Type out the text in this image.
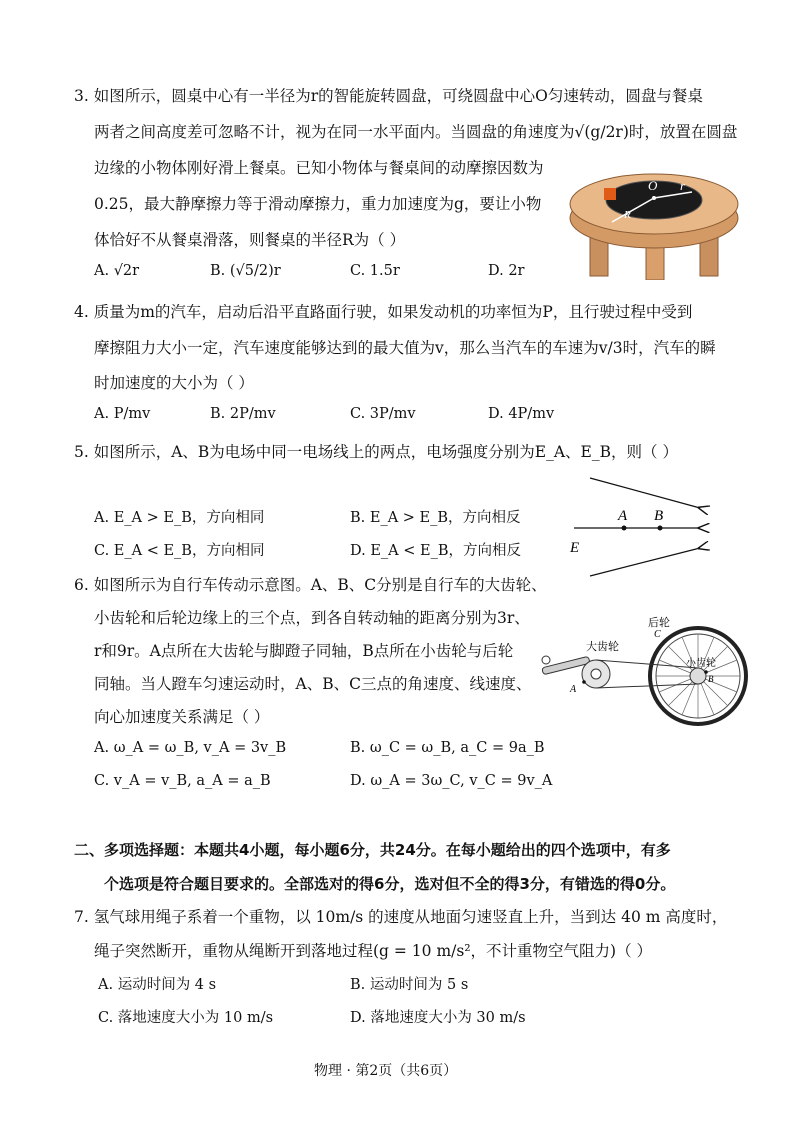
3. 如图所示，圆桌中心有一半径为r的智能旋转圆盘，可绕圆盘中心O匀速转动，圆盘与餐桌
两者之间高度差可忽略不计，视为在同一水平面内。当圆盘的角速度为√(g/2r)时，放置在圆盘
边缘的小物体刚好滑上餐桌。已知小物体与餐桌间的动摩擦因数为
0.25，最大静摩擦力等于滑动摩擦力，重力加速度为g，要让小物
体恰好不从餐桌滑落，则餐桌的半径R为（ ）
A. √2r	B. (√5/2)r	C. 1.5r	D. 2r
O r
R
4. 质量为m的汽车，启动后沿平直路面行驶，如果发动机的功率恒为P，且行驶过程中受到
摩擦阻力大小一定，汽车速度能够达到的最大值为v，那么当汽车的车速为v/3时，汽车的瞬
时加速度的大小为（ ）
A. P/mv	B. 2P/mv	C. 3P/mv	D. 4P/mv
5. 如图所示，A、B为电场中同一电场线上的两点，电场强度分别为E_A、E_B，则（ ）
A. E_A > E_B，方向相同	B. E_A > E_B，方向相反
C. E_A < E_B，方向相同	D. E_A < E_B，方向相反
A B
E
6. 如图所示为自行车传动示意图。A、B、C分别是自行车的大齿轮、
小齿轮和后轮边缘上的三个点，到各自转动轴的距离分别为3r、
r和9r。A点所在大齿轮与脚蹬子同轴，B点所在小齿轮与后轮
同轴。当人蹬车匀速运动时，A、B、C三点的角速度、线速度、
向心加速度关系满足（ ）
A. ω_A = ω_B, v_A = 3v_B	B. ω_C = ω_B, a_C = 9a_B
C. v_A = v_B, a_A = a_B	D. ω_A = 3ω_C, v_C = 9v_A
大齿轮
后轮
小齿轮
A
B
C
二、多项选择题：本题共4小题，每小题6分，共24分。在每小题给出的四个选项中，有多
个选项是符合题目要求的。全部选对的得6分，选对但不全的得3分，有错选的得0分。
7. 氢气球用绳子系着一个重物，以 10m/s 的速度从地面匀速竖直上升，当到达 40 m 高度时，
绳子突然断开，重物从绳断开到落地过程(g = 10 m/s²，不计重物空气阻力)（ ）
A. 运动时间为 4 s	B. 运动时间为 5 s
C. 落地速度大小为 10 m/s	D. 落地速度大小为 30 m/s
物理 · 第2页（共6页）
